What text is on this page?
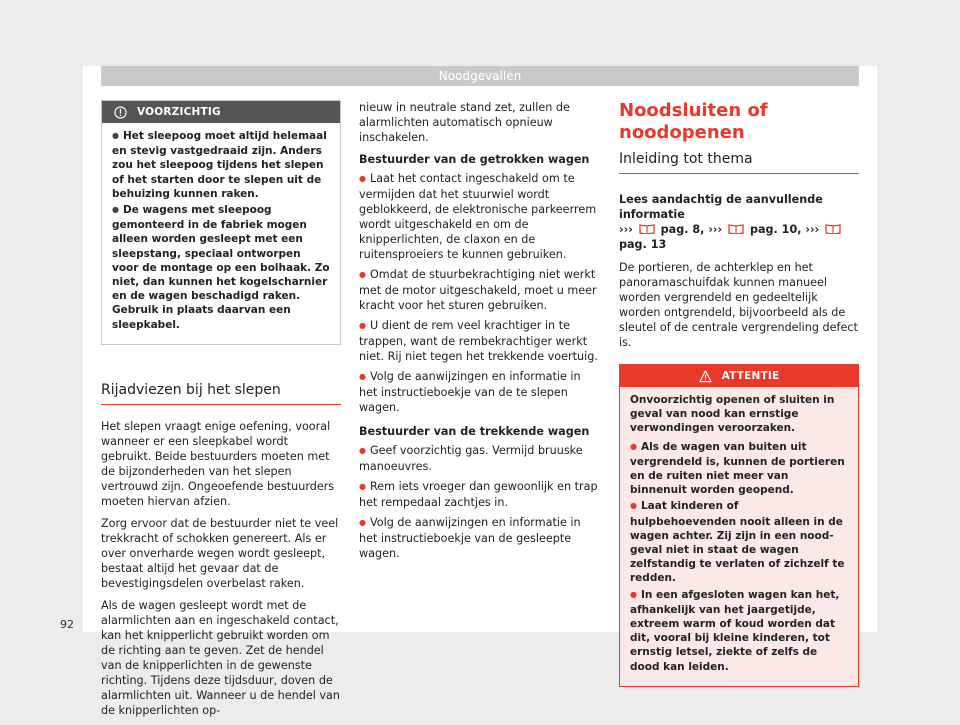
Noodgevallen
VOORZICHTIG
● Het sleepoog moet altijd helemaal en stevig vastgedraaid zijn. Anders zou het sleepoog tijdens het slepen of het starten door te slepen uit de behuizing kunnen raken.
● De wagens met sleepoog gemonteerd in de fabriek mogen alleen worden gesleept met een sleepstang, speciaal ontworpen voor de montage op een bolhaak. Zo niet, dan kunnen het kogelscharnier en de wagen beschadigd raken. Gebruik in plaats daarvan een sleepkabel.
Rijadviezen bij het slepen

Het slepen vraagt enige oefening, vooral wanneer er een sleepkabel wordt gebruikt. Beide bestuurders moeten met de bijzonderheden van het slepen vertrouwd zijn. Ongeoefende bestuurders moeten hiervan afzien.

Zorg ervoor dat de bestuurder niet te veel trekkracht of schokken genereert. Als er over onverharde wegen wordt gesleept, bestaat altijd het gevaar dat de bevestigingsdelen overbelast raken.

Als de wagen gesleept wordt met de alarmlichten aan en ingeschakeld contact, kan het knipperlicht gebruikt worden om de richting aan te geven. Zet de hendel van de knipperlichten in de gewenste richting. Tijdens deze tijdsduur, doven de alarmlichten uit. Wanneer u de hendel van de knipperlichten op-

nieuw in neutrale stand zet, zullen de alarmlichten automatisch opnieuw inschakelen.

Bestuurder van de getrokken wagen
● Laat het contact ingeschakeld om te vermijden dat het stuurwiel wordt geblokkeerd, de elektronische parkeerrem wordt uitgeschakeld en om de knipperlichten, de claxon en de ruitensproeiers te kunnen gebruiken.
● Omdat de stuurbekrachtiging niet werkt met de motor uitgeschakeld, moet u meer kracht voor het sturen gebruiken.
● U dient de rem veel krachtiger in te trappen, want de rembekrachtiger werkt niet. Rij niet tegen het trekkende voertuig.
● Volg de aanwijzingen en informatie in het instructieboekje van de te slepen wagen.
Bestuurder van de trekkende wagen
● Geef voorzichtig gas. Vermijd bruuske manoeuvres.
● Rem iets vroeger dan gewoonlijk en trap het rempedaal zachtjes in.
● Volg de aanwijzingen en informatie in het instructieboekje van de gesleepte wagen.
Noodsluiten of noodopenen
Inleiding tot thema
Lees aandachtig de aanvullende informatie
››› pag. 8, ››› pag. 10, ›››  pag. 13

De portieren, de achterklep en het panoramaschuifdak kunnen manueel worden vergrendeld en gedeeltelijk worden ontgrendeld, bijvoorbeeld als de sleutel of de centrale vergrendeling defect is.

ATTENTIE
Onvoorzichtig openen of sluiten in geval van nood kan ernstige verwondingen veroorzaken.
● Als de wagen van buiten uit vergrendeld is, kunnen de portieren en de ruiten niet meer van binnenuit worden geopend.
● Laat kinderen of hulpbehoevenden nooit alleen in de wagen achter. Zij zijn in een noodgeval niet in staat de wagen zelfstandig te verlaten of zichzelf te redden.
● In een afgesloten wagen kan het, afhankelijk van het jaargetijde, extreem warm of koud worden dat dit, vooral bij kleine kinderen, tot ernstig letsel, ziekte of zelfs de dood kan leiden.
92
